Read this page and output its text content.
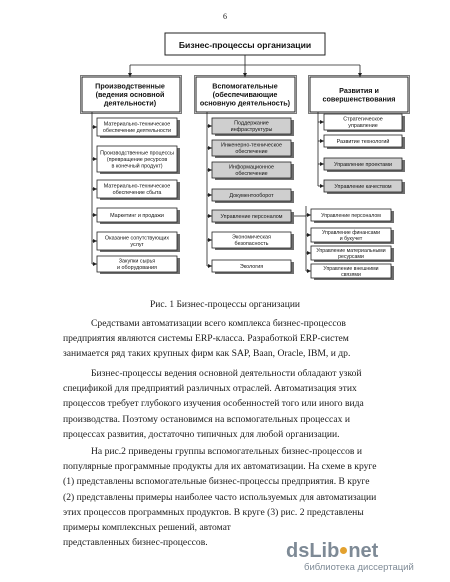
6
Бизнес-процессы организации
Производственные
(ведения основной
деятельности)
Вспомогательные
(обеспечивающие
основную деятельность)
Развития и
совершенствования
Материально-техническое
обеспечение деятельности
Производственные процессы
(превращение ресурсов
в конечный продукт)
Материально-техническое
обеспечение сбыта
Маркетинг и продажи
Оказание сопутствующих
услуг
Закупки сырья
и оборудования
Поддержание
инфраструктуры
Инженерно-техническое
обеспечение
Информационное
обеспечение
Документооборот
Управление персоналом
Экономическая
безопасность
Экология
Стратегическое
управление
Развитие технологий
Управление проектами
Управление качеством
Управление персоналом
Управление финансами
и букучет
Управление материальными
ресурсами
Управление внешними
связями
Рис. 1 Бизнес-процессы организации
Средствами автоматизации всего комплекса бизнес-процессов
предприятия являются системы ERP-класса. Разработкой ERP-систем
занимается ряд таких крупных фирм как SAP, Baan, Oracle, IBM, и др.
Бизнес-процессы ведения основной деятельности обладают узкой
спецификой для предприятий различных отраслей. Автоматизация этих
процессов требует глубокого изучения особенностей того или иного вида
производства. Поэтому остановимся на вспомогательных процессах и
процессах развития, достаточно типичных для любой организации.
На рис.2 приведены группы вспомогательных бизнес-процессов и
популярные программные продукты для их автоматизации. На схеме в круге
(1) представлены вспомогательные бизнес-процессы предприятия. В круге
(2) представлены примеры наиболее часто используемых для автоматизации
этих процессов программных продуктов. В круге (3) рис. 2 представлены
примеры комплексных решений, автомат
представленных бизнес-процессов.	dsLib net
библиотека диссертаций
